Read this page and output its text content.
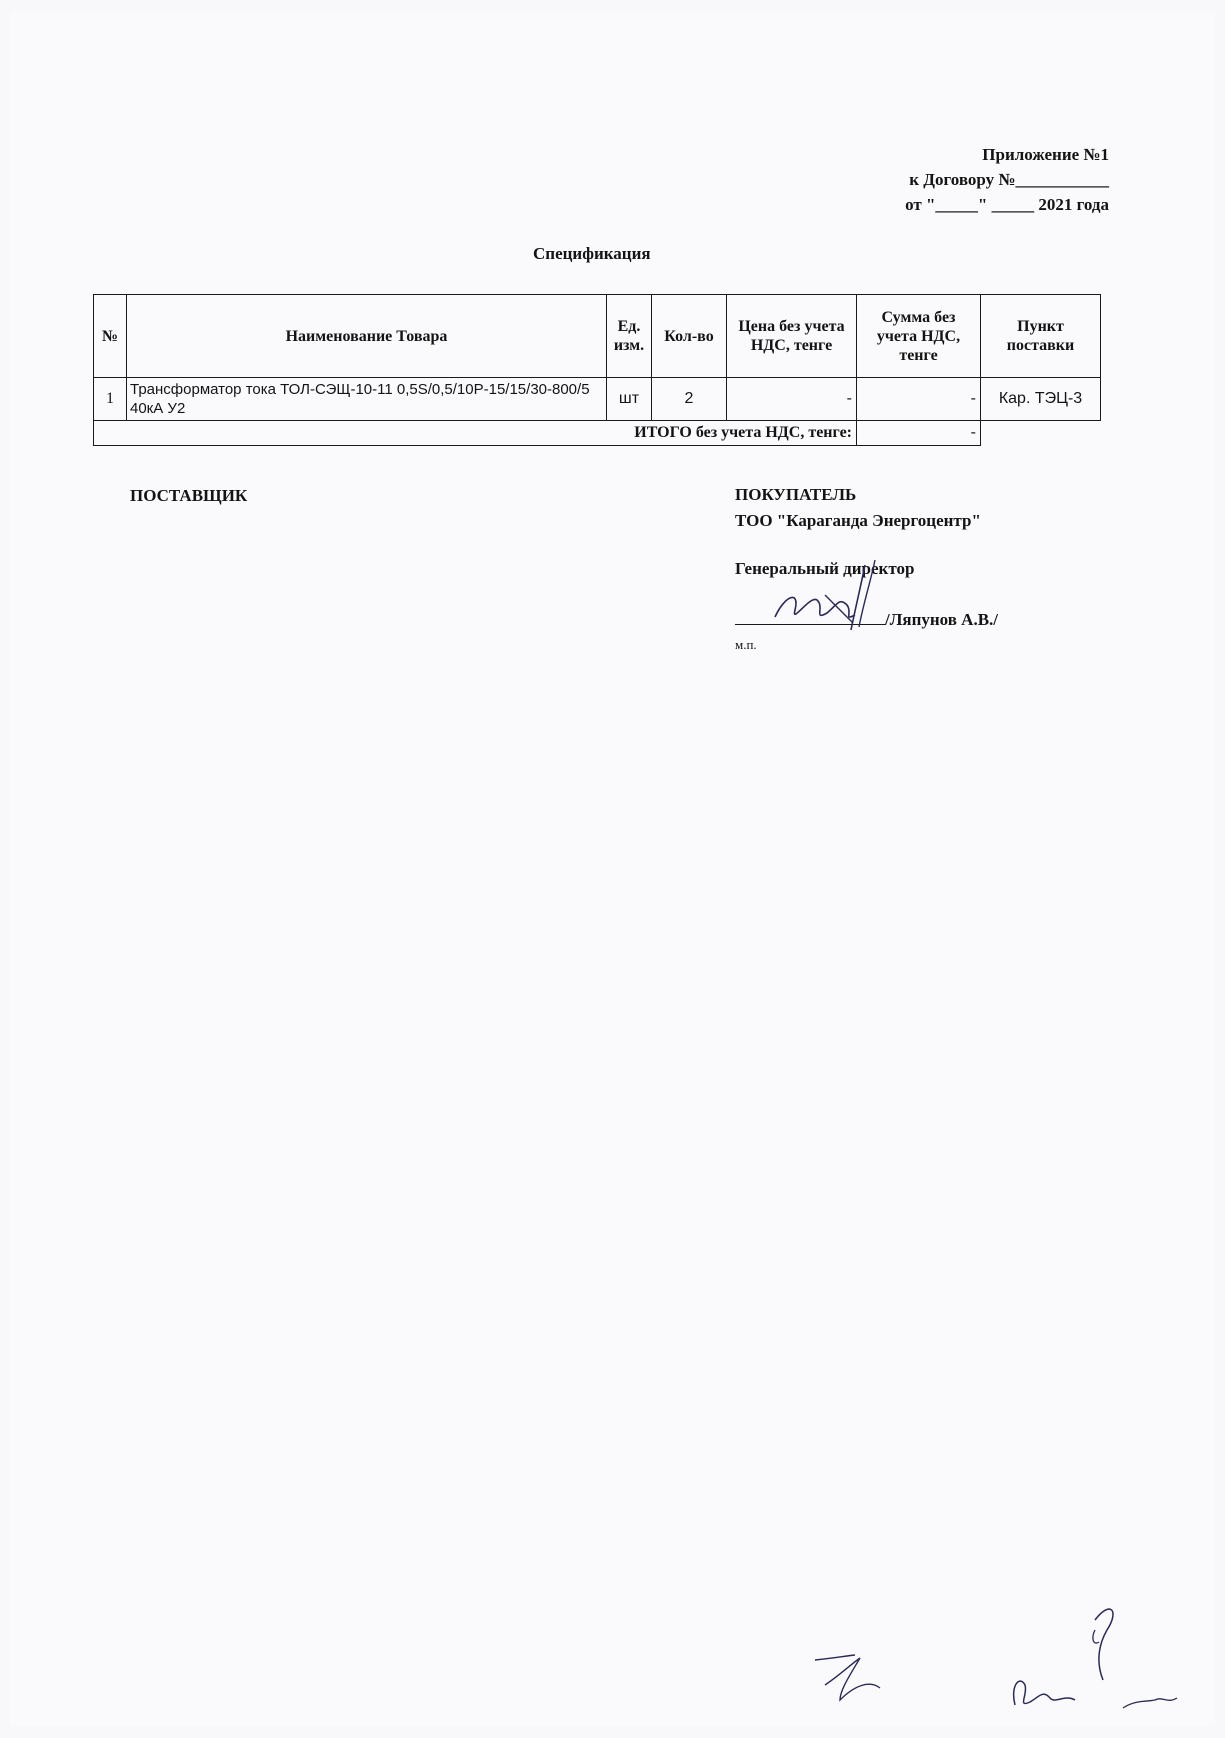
Приложение №1
к Договору №___________
от "_____" _____ 2021 года
Спецификация
№	Наименование Товара	Ед. изм.	Кол-во	Цена без учета НДС, тенге	Сумма без учета НДС, тенге	Пункт поставки
1	Трансформатор тока ТОЛ-СЭЩ-10-11 0,5S/0,5/10Р-15/15/30-800/5 40кА У2	шт	2	-	-	Кар. ТЭЦ-3
ИТОГО без учета НДС, тенге:					-	
ПОСТАВЩИК	ПОКУПАТЕЛЬ
ТОО "Караганда Энергоцентр"
Генеральный директор
/Ляпунов А.В./
м.п.
